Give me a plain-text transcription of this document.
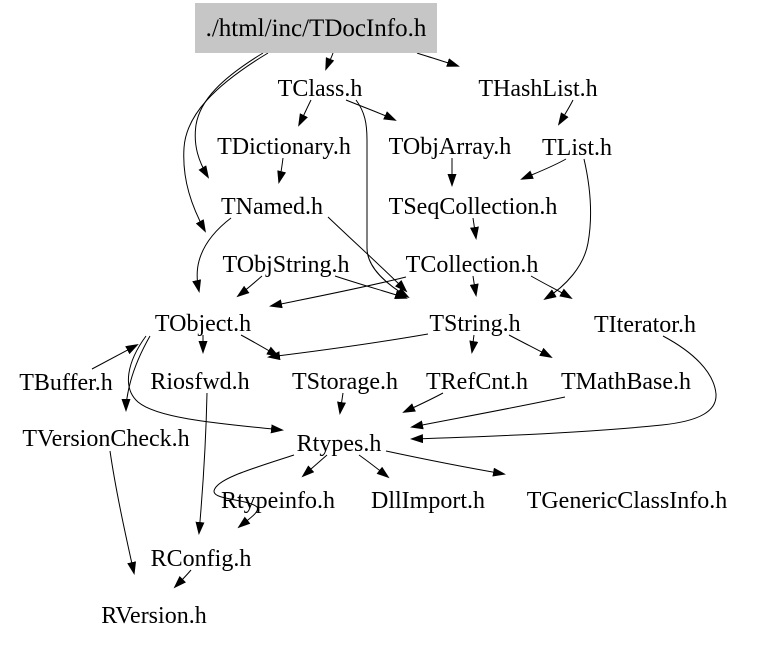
./html/inc/TDocInfo.h
TClass.h	THashList.h
TDictionary.h TObjArray.h TList.h
TNamed.h	TSeqCollection.h
TObjString.h TCollection.h
TObject.h	TString.h	TIterator.h
TBuffer.h Riosfwd.h TStorage.h TRefCnt.h TMathBase.h
TVersionCheck.h	Rtypes.h
Rtypeinfo.h DllImport.h TGenericClassInfo.h
RConfig.h
RVersion.h
